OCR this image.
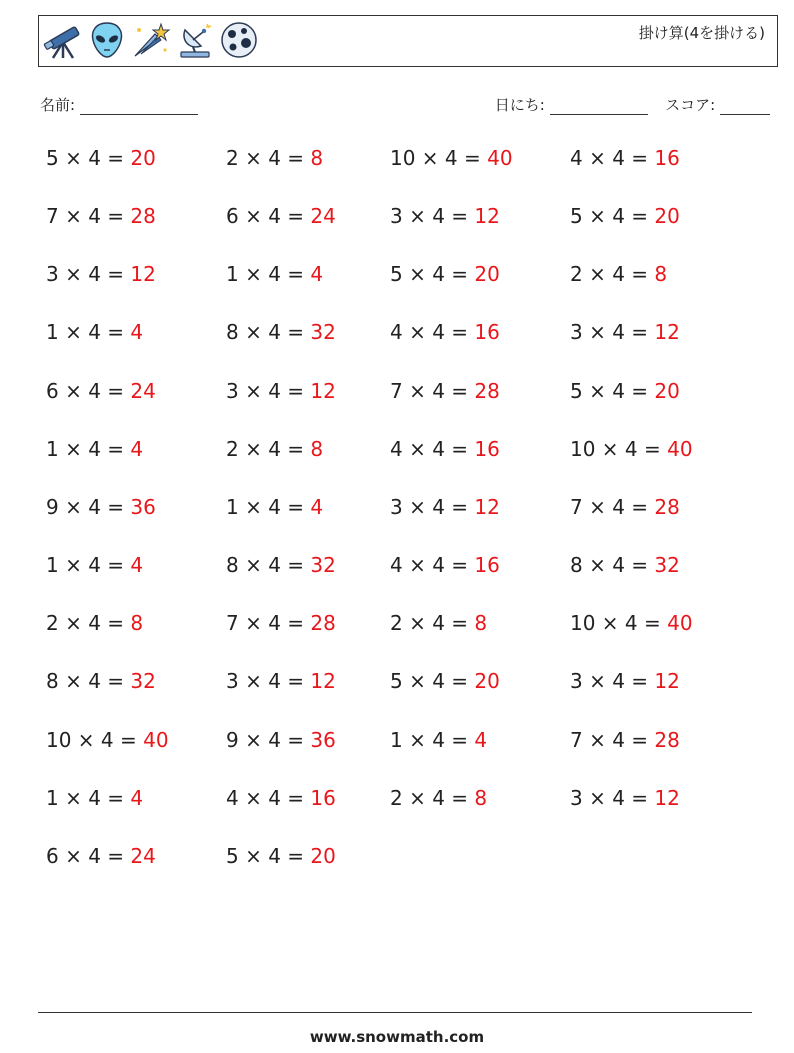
掛け算(4を掛ける)
名前:	日にち:	スコア:
5 × 4 = 20	2 × 4 = 8	10 × 4 = 40	4 × 4 = 16
7 × 4 = 28	6 × 4 = 24	3 × 4 = 12	5 × 4 = 20
3 × 4 = 12	1 × 4 = 4	5 × 4 = 20	2 × 4 = 8
1 × 4 = 4	8 × 4 = 32	4 × 4 = 16	3 × 4 = 12
6 × 4 = 24	3 × 4 = 12	7 × 4 = 28	5 × 4 = 20
1 × 4 = 4	2 × 4 = 8	4 × 4 = 16	10 × 4 = 40
9 × 4 = 36	1 × 4 = 4	3 × 4 = 12	7 × 4 = 28
1 × 4 = 4	8 × 4 = 32	4 × 4 = 16	8 × 4 = 32
2 × 4 = 8	7 × 4 = 28	2 × 4 = 8	10 × 4 = 40
8 × 4 = 32	3 × 4 = 12	5 × 4 = 20	3 × 4 = 12
10 × 4 = 40	9 × 4 = 36	1 × 4 = 4	7 × 4 = 28
1 × 4 = 4	4 × 4 = 16	2 × 4 = 8	3 × 4 = 12
6 × 4 = 24	5 × 4 = 20
www.snowmath.com
